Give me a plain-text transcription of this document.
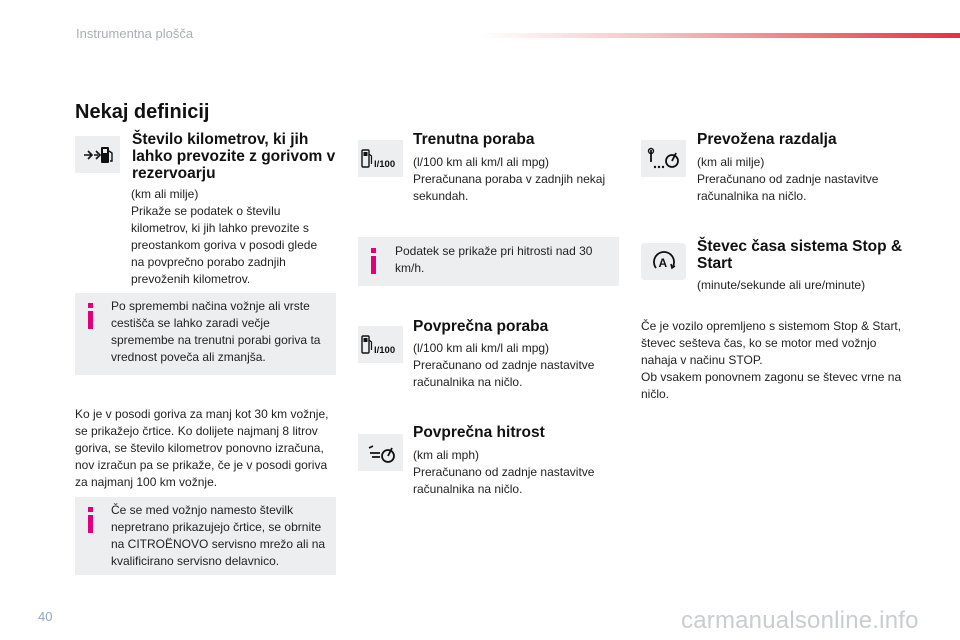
Instrumentna plošča
Nekaj definicij
Število kilometrov, ki jih lahko prevozite z gorivom v rezervoarju
(km ali milje)
Prikaže se podatek o številu kilometrov, ki jih lahko prevozite s preostankom goriva v posodi glede na povprečno porabo zadnjih prevoženih kilometrov.
Po spremembi načina vožnje ali vrste cestišča se lahko zaradi večje spremembe na trenutni porabi goriva ta vrednost poveča ali zmanjša.
Ko je v posodi goriva za manj kot 30 km vožnje, se prikažejo črtice. Ko dolijete najmanj 8 litrov goriva, se število kilometrov ponovno izračuna, nov izračun pa se prikaže, če je v posodi goriva za najmanj 100 km vožnje.
Če se med vožnjo namesto številk nepretrano prikazujejo črtice, se obrnite na CITROËNOVO servisno mrežo ali na kvalificirano servisno delavnico.
l/100
Trenutna poraba
(l/100 km ali km/l ali mpg)
Preračunana poraba v zadnjih nekaj sekundah.
Podatek se prikaže pri hitrosti nad 30 km/h.
l/100
Povprečna poraba
(l/100 km ali km/l ali mpg)
Preračunano od zadnje nastavitve računalnika na ničlo.
Povprečna hitrost
(km ali mph)
Preračunano od zadnje nastavitve računalnika na ničlo.
Prevožena razdalja
(km ali milje)
Preračunano od zadnje nastavitve računalnika na ničlo.
A
Števec časa sistema Stop & Start
(minute/sekunde ali ure/minute)
Če je vozilo opremljeno s sistemom Stop & Start, števec sešteva čas, ko se motor med vožnjo nahaja v načinu STOP.
Ob vsakem ponovnem zagonu se števec vrne na ničlo.
40	carmanualsonline.info
